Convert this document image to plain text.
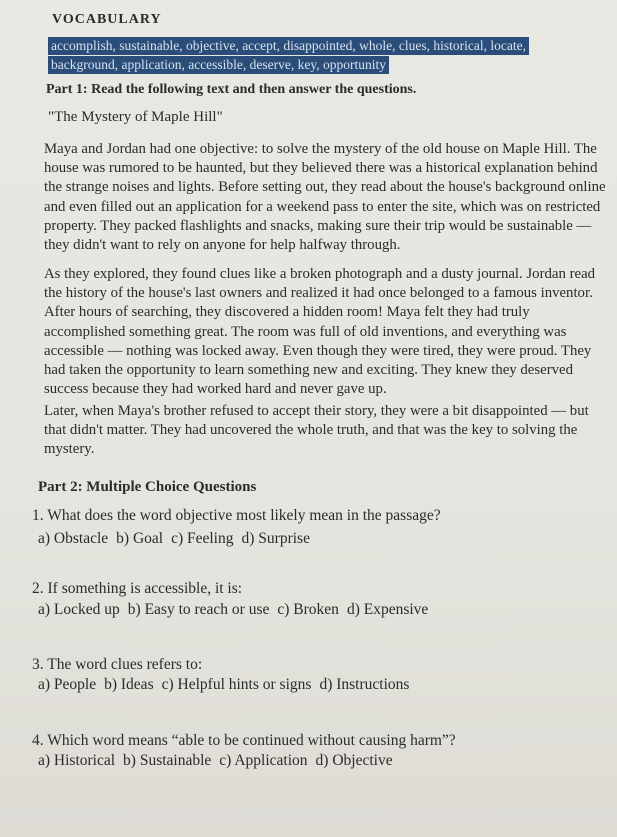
VOCABULARY
accomplish, sustainable, objective, accept, disappointed, whole, clues, historical, locate,
background, application, accessible, deserve, key, opportunity
Part 1: Read the following text and then answer the questions.
"The Mystery of Maple Hill"
Maya and Jordan had one objective: to solve the mystery of the old house on Maple Hill. The house was rumored to be haunted, but they believed there was a historical explanation behind the strange noises and lights. Before setting out, they read about the house's background online and even filled out an application for a weekend pass to enter the site, which was on restricted property. They packed flashlights and snacks, making sure their trip would be sustainable — they didn't want to rely on anyone for help halfway through.
As they explored, they found clues like a broken photograph and a dusty journal. Jordan read the history of the house's last owners and realized it had once belonged to a famous inventor. After hours of searching, they discovered a hidden room! Maya felt they had truly accomplished something great. The room was full of old inventions, and everything was accessible — nothing was locked away. Even though they were tired, they were proud. They had taken the opportunity to learn something new and exciting. They knew they deserved success because they had worked hard and never gave up.
Later, when Maya's brother refused to accept their story, they were a bit disappointed — but that didn't matter. They had uncovered the whole truth, and that was the key to solving the mystery.
Part 2: Multiple Choice Questions
1. What does the word objective most likely mean in the passage?
a) Obstacle b) Goal c) Feeling d) Surprise
2. If something is accessible, it is:
a) Locked up b) Easy to reach or use c) Broken d) Expensive
3. The word clues refers to:
a) People b) Ideas c) Helpful hints or signs d) Instructions
4. Which word means “able to be continued without causing harm”?
a) Historical b) Sustainable c) Application d) Objective
